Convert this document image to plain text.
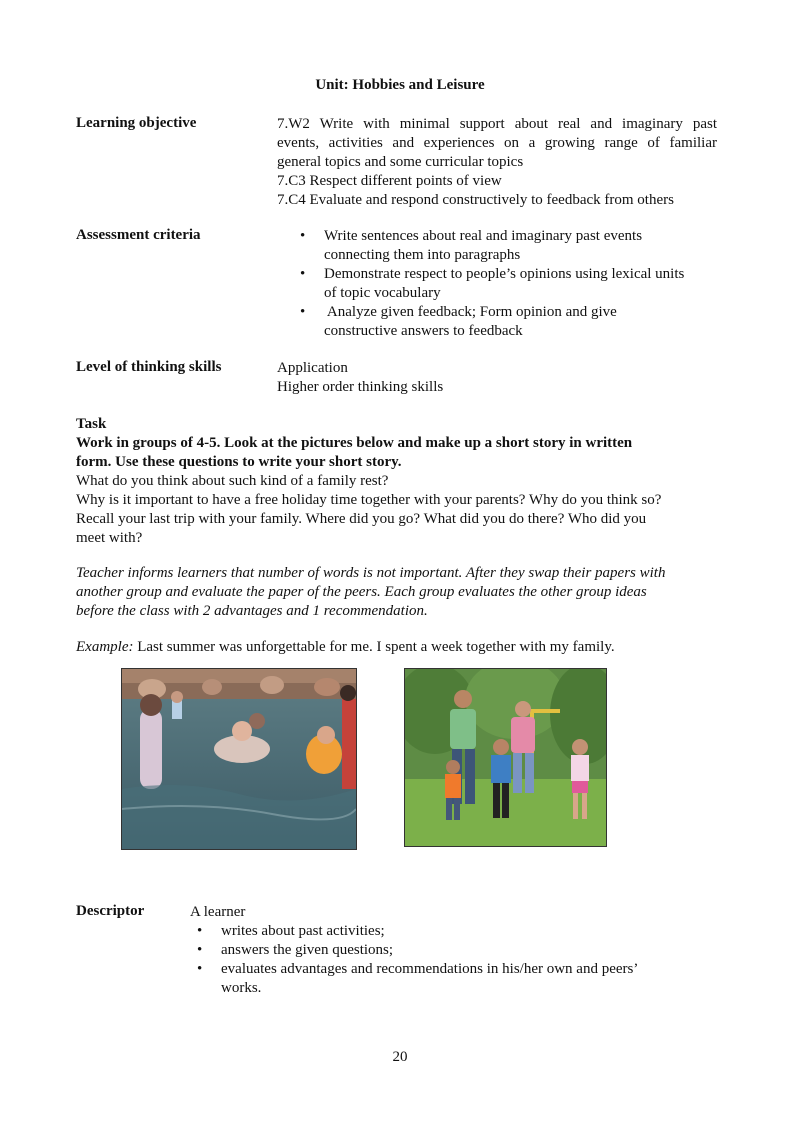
Unit: Hobbies and Leisure
Learning objective	7.W2 Write with minimal support about real and imaginary past
events, activities and experiences on a growing range of familiar
general topics and some curricular topics
7.C3 Respect different points of view
7.C4 Evaluate and respond constructively to feedback from others
Assessment criteria	• Write sentences about real and imaginary past events
connecting them into paragraphs
• Demonstrate respect to people’s opinions using lexical units
of topic vocabulary
• Analyze given feedback; Form opinion and give
constructive answers to feedback
Level of thinking skills	Application
Higher order thinking skills
Task
Work in groups of 4-5. Look at the pictures below and make up a short story in written
form. Use these questions to write your short story.
What do you think about such kind of a family rest?
Why is it important to have a free holiday time together with your parents? Why do you think so?
Recall your last trip with your family. Where did you go? What did you do there? Who did you
meet with?
Teacher informs learners that number of words is not important. After they swap their papers with
another group and evaluate the paper of the peers. Each group evaluates the other group ideas
before the class with 2 advantages and 1 recommendation.
Example: Last summer was unforgettable for me. I spent a week together with my family.
Descriptor	A learner
• writes about past activities;
• answers the given questions;
• evaluates advantages and recommendations in his/her own and peers’
works.
20
